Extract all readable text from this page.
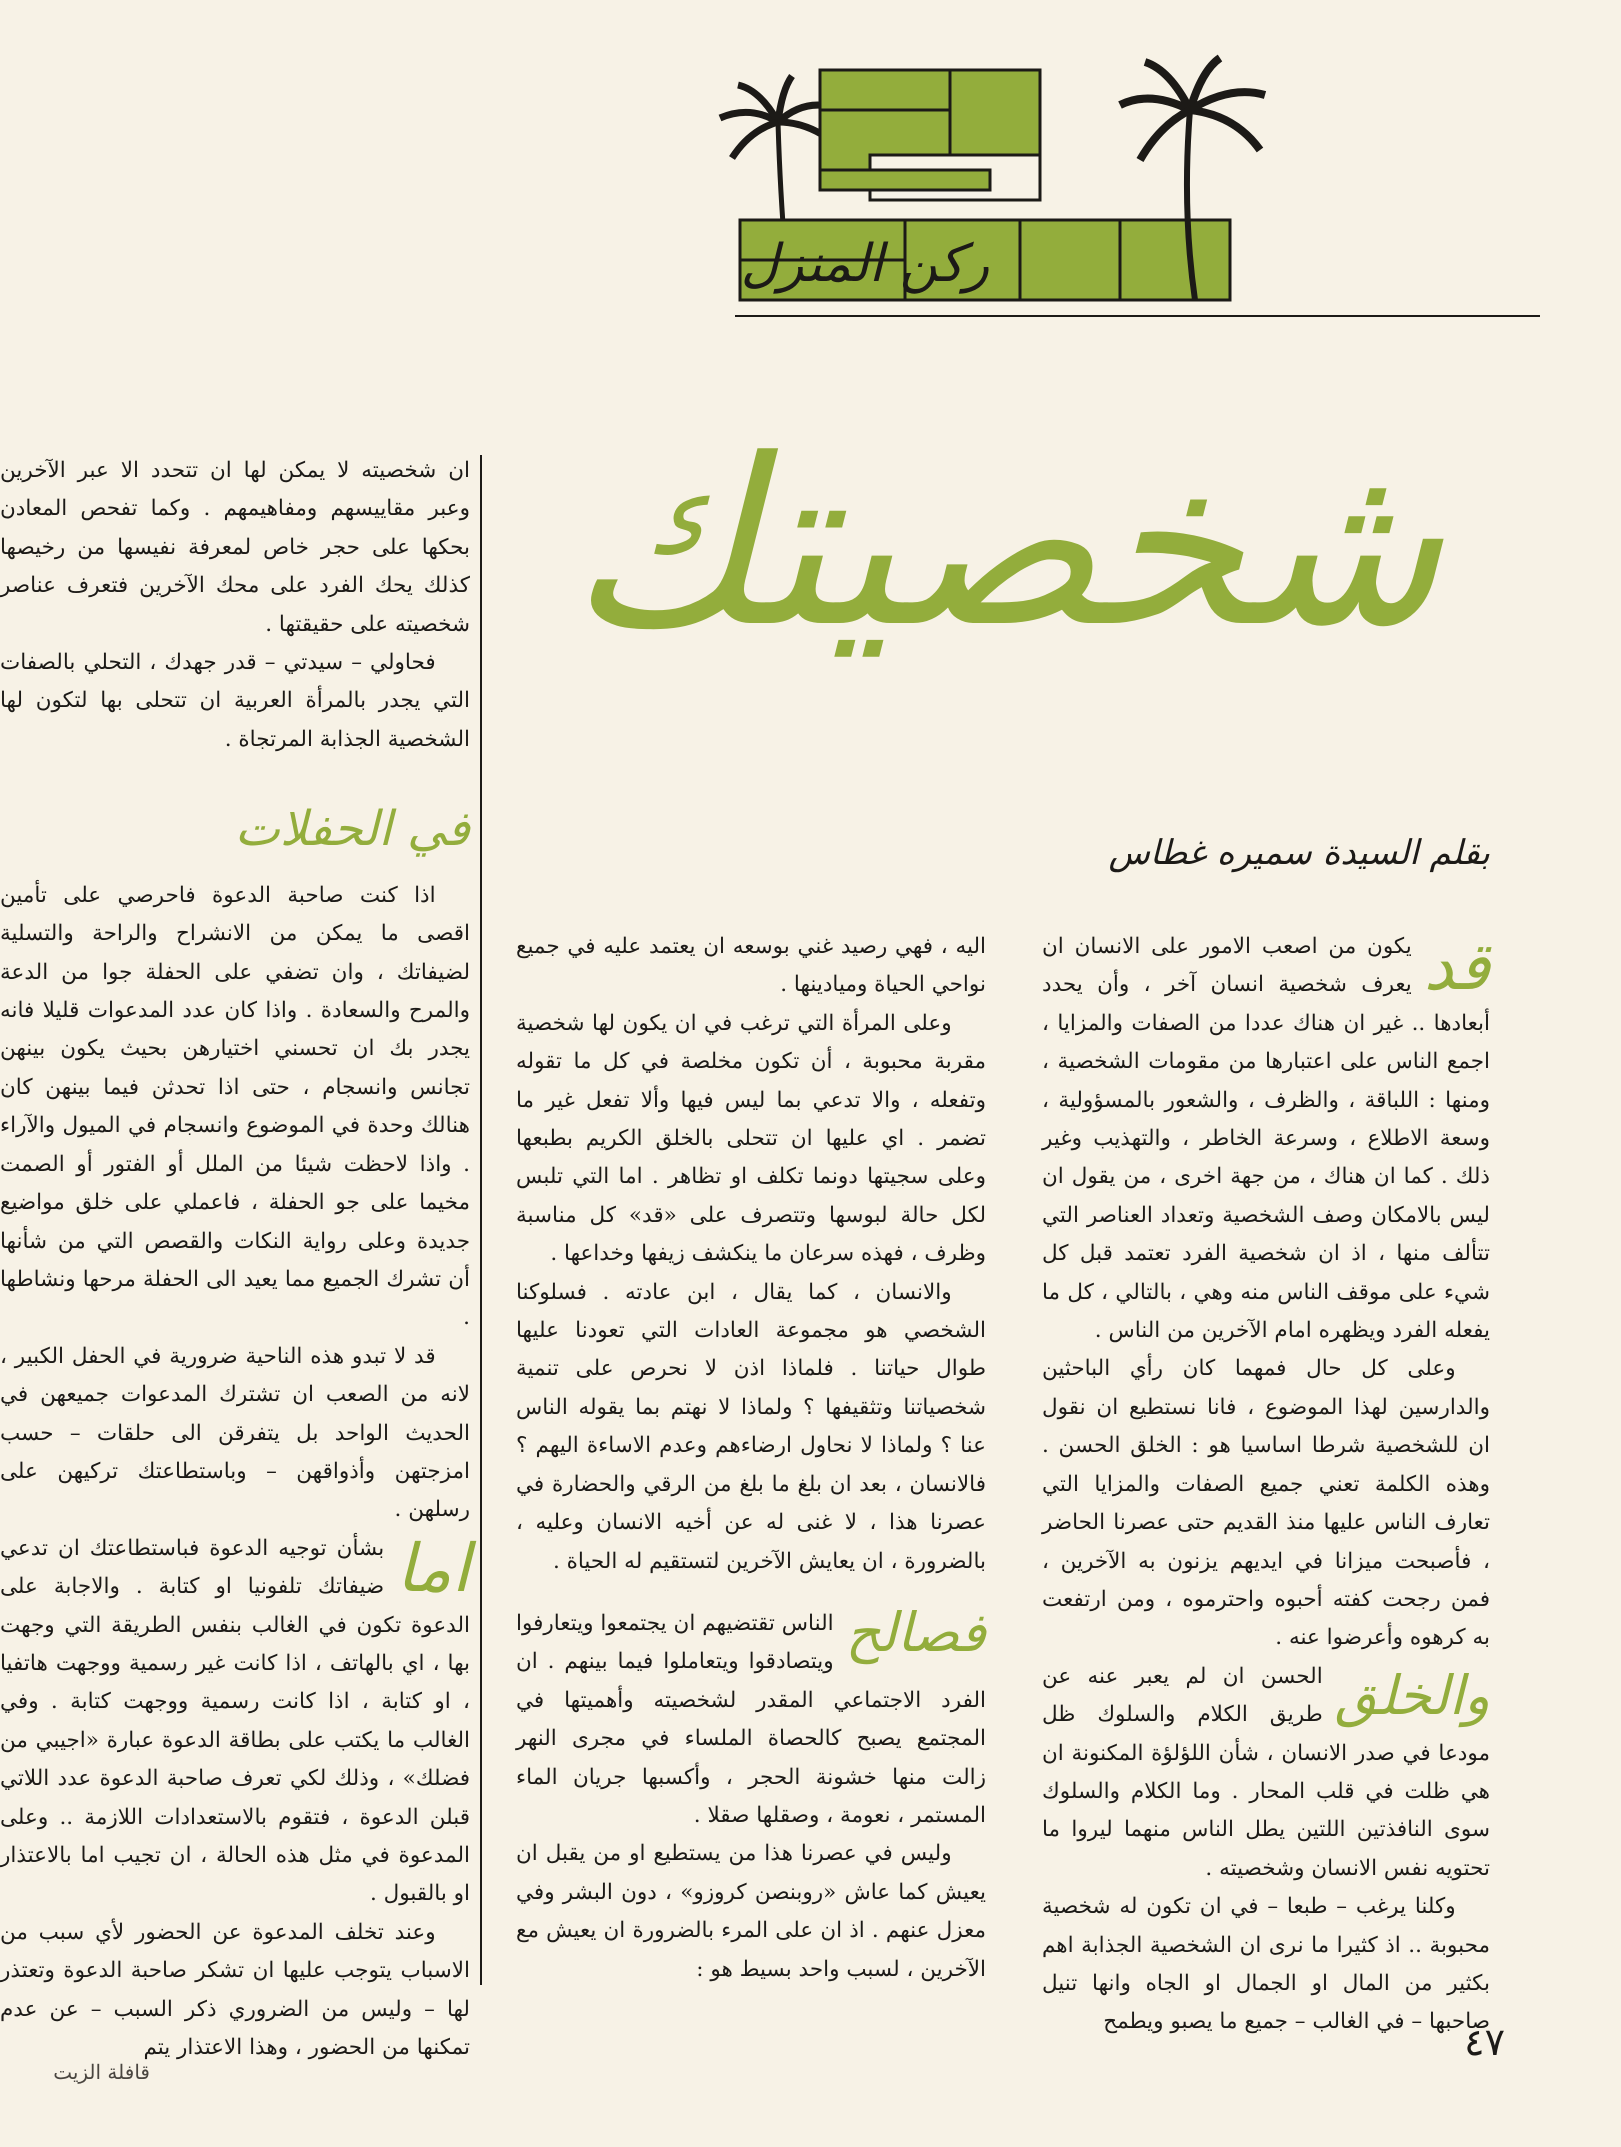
ركن المنزل
شخصيتك
بقلم السيدة سميره غطاس
قد

يكون من اصعب الامور على الانسان ان يعرف شخصية انسان آخر ، وأن يحدد أبعادها .. غير ان هناك عددا من الصفات والمزايا ، اجمع الناس على اعتبارها من مقومات الشخصية ، ومنها : اللباقة ، والظرف ، والشعور بالمسؤولية ، وسعة الاطلاع ، وسرعة الخاطر ، والتهذيب وغير ذلك . كما ان هناك ، من جهة اخرى ، من يقول ان ليس بالامكان وصف الشخصية وتعداد العناصر التي تتألف منها ، اذ ان شخصية الفرد تعتمد قبل كل شيء على موقف الناس منه وهي ، بالتالي ، كل ما يفعله الفرد ويظهره امام الآخرين من الناس .

وعلى كل حال فمهما كان رأي الباحثين والدارسين لهذا الموضوع ، فانا نستطيع ان نقول ان للشخصية شرطا اساسيا هو : الخلق الحسن . وهذه الكلمة تعني جميع الصفات والمزايا التي تعارف الناس عليها منذ القديم حتى عصرنا الحاضر ، فأصبحت ميزانا في ايديهم يزنون به الآخرين ، فمن رجحت كفته أحبوه واحترموه ، ومن ارتفعت به كرهوه وأعرضوا عنه .

والخلق

الحسن ان لم يعبر عنه عن طريق الكلام والسلوك ظل مودعا في صدر الانسان ، شأن اللؤلؤة المكنونة ان هي ظلت في قلب المحار . وما الكلام والسلوك سوى النافذتين اللتين يطل الناس منهما ليروا ما تحتويه نفس الانسان وشخصيته .

وكلنا يرغب – طبعا – في ان تكون له شخصية محبوبة .. اذ كثيرا ما نرى ان الشخصية الجذابة اهم بكثير من المال او الجمال او الجاه وانها تنيل صاحبها – في الغالب – جميع ما يصبو ويطمح

اليه ، فهي رصيد غني بوسعه ان يعتمد عليه في جميع نواحي الحياة وميادينها .

وعلى المرأة التي ترغب في ان يكون لها شخصية مقربة محبوبة ، أن تكون مخلصة في كل ما تقوله وتفعله ، والا تدعي بما ليس فيها وألا تفعل غير ما تضمر . اي عليها ان تتحلى بالخلق الكريم بطبعها وعلى سجيتها دونما تكلف او تظاهر . اما التي تلبس لكل حالة لبوسها وتتصرف على «قد» كل مناسبة وظرف ، فهذه سرعان ما ينكشف زيفها وخداعها .

والانسان ، كما يقال ، ابن عادته . فسلوكنا الشخصي هو مجموعة العادات التي تعودنا عليها طوال حياتنا . فلماذا اذن لا نحرص على تنمية شخصياتنا وتثقيفها ؟ ولماذا لا نهتم بما يقوله الناس عنا ؟ ولماذا لا نحاول ارضاءهم وعدم الاساءة اليهم ؟ فالانسان ، بعد ان بلغ ما بلغ من الرقي والحضارة في عصرنا هذا ، لا غنى له عن أخيه الانسان وعليه ، بالضرورة ، ان يعايش الآخرين لتستقيم له الحياة .

فصالح

الناس تقتضيهم ان يجتمعوا ويتعارفوا ويتصادقوا ويتعاملوا فيما بينهم . ان الفرد الاجتماعي المقدر لشخصيته وأهميتها في المجتمع يصبح كالحصاة الملساء في مجرى النهر زالت منها خشونة الحجر ، وأكسبها جريان الماء المستمر ، نعومة ، وصقلها صقلا .

وليس في عصرنا هذا من يستطيع او من يقبل ان يعيش كما عاش «روبنصن كروزو» ، دون البشر وفي معزل عنهم . اذ ان على المرء بالضرورة ان يعيش مع الآخرين ، لسبب واحد بسيط هو :

ان شخصيته لا يمكن لها ان تتحدد الا عبر الآخرين وعبر مقاييسهم ومفاهيمهم . وكما تفحص المعادن بحكها على حجر خاص لمعرفة نفيسها من رخيصها كذلك يحك الفرد على محك الآخرين فتعرف عناصر شخصيته على حقيقتها .

فحاولي – سيدتي – قدر جهدك ، التحلي بالصفات التي يجدر بالمرأة العربية ان تتحلى بها لتكون لها الشخصية الجذابة المرتجاة .

في الحفلات

اذا كنت صاحبة الدعوة فاحرصي على تأمين اقصى ما يمكن من الانشراح والراحة والتسلية لضيفاتك ، وان تضفي على الحفلة جوا من الدعة والمرح والسعادة . واذا كان عدد المدعوات قليلا فانه يجدر بك ان تحسني اختيارهن بحيث يكون بينهن تجانس وانسجام ، حتى اذا تحدثن فيما بينهن كان هنالك وحدة في الموضوع وانسجام في الميول والآراء . واذا لاحظت شيئا من الملل أو الفتور أو الصمت مخيما على جو الحفلة ، فاعملي على خلق مواضيع جديدة وعلى رواية النكات والقصص التي من شأنها أن تشرك الجميع مما يعيد الى الحفلة مرحها ونشاطها .

قد لا تبدو هذه الناحية ضرورية في الحفل الكبير ، لانه من الصعب ان تشترك المدعوات جميعهن في الحديث الواحد بل يتفرقن الى حلقات – حسب امزجتهن وأذواقهن – وباستطاعتك تركيهن على رسلهن .

اما

بشأن توجيه الدعوة فباستطاعتك ان تدعي ضيفاتك تلفونيا او كتابة . والاجابة على الدعوة تكون في الغالب بنفس الطريقة التي وجهت بها ، اي بالهاتف ، اذا كانت غير رسمية ووجهت هاتفيا ، او كتابة ، اذا كانت رسمية ووجهت كتابة . وفي الغالب ما يكتب على بطاقة الدعوة عبارة «اجيبي من فضلك» ، وذلك لكي تعرف صاحبة الدعوة عدد اللاتي قبلن الدعوة ، فتقوم بالاستعدادات اللازمة .. وعلى المدعوة في مثل هذه الحالة ، ان تجيب اما بالاعتذار او بالقبول .

وعند تخلف المدعوة عن الحضور لأي سبب من الاسباب يتوجب عليها ان تشكر صاحبة الدعوة وتعتذر لها – وليس من الضروري ذكر السبب – عن عدم تمكنها من الحضور ، وهذا الاعتذار يتم	٤٧
قافلة الزيت
